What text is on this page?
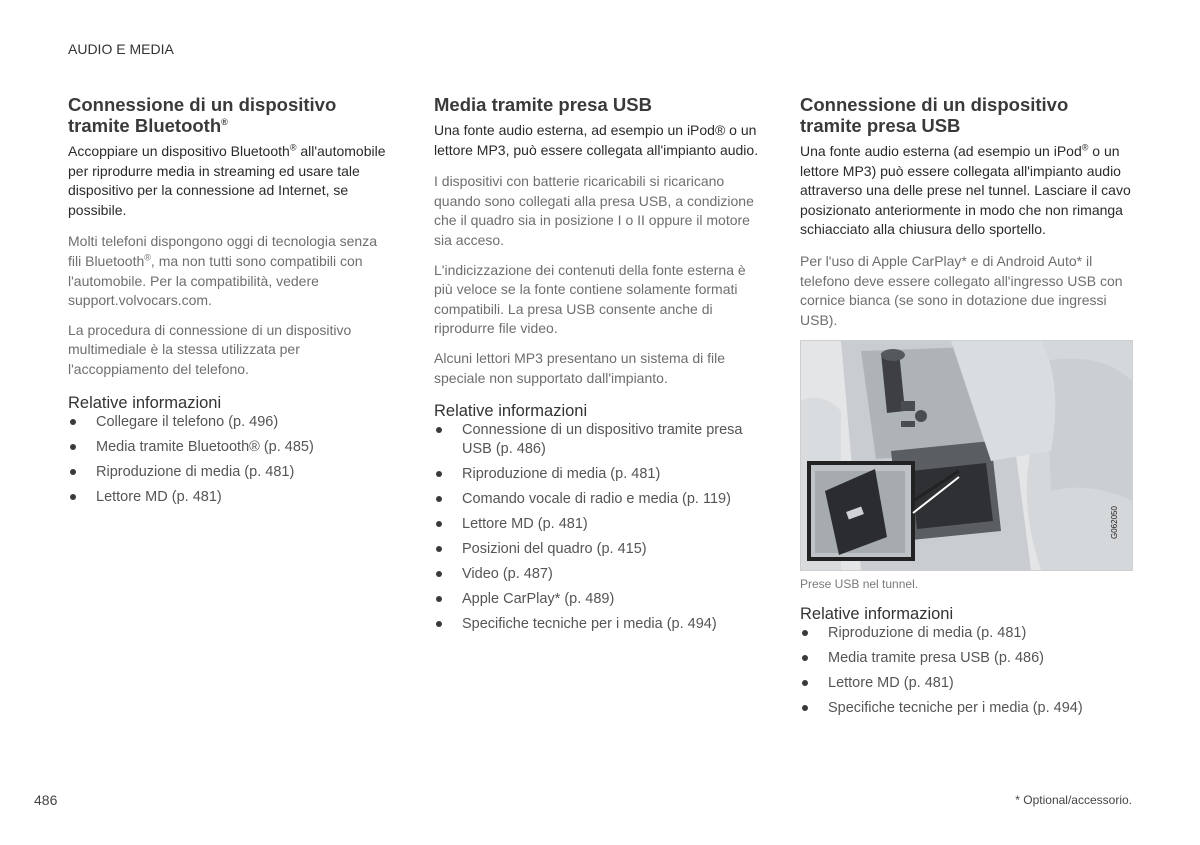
AUDIO E MEDIA
Connessione di un dispositivo tramite Bluetooth®

Accoppiare un dispositivo Bluetooth® all'automobile per riprodurre media in streaming ed usare tale dispositivo per la connessione ad Internet, se possibile.

Molti telefoni dispongono oggi di tecnologia senza fili Bluetooth®, ma non tutti sono compatibili con l'automobile. Per la compatibilità, vedere support.volvocars.com.

La procedura di connessione di un dispositivo multimediale è la stessa utilizzata per l'accoppiamento del telefono.

Relative informazioni
Collegare il telefono (p. 496)
Media tramite Bluetooth® (p. 485)
Riproduzione di media (p. 481)
Lettore MD (p. 481)
Media tramite presa USB

Una fonte audio esterna, ad esempio un iPod® o un lettore MP3, può essere collegata all'impianto audio.

I dispositivi con batterie ricaricabili si ricaricano quando sono collegati alla presa USB, a condizione che il quadro sia in posizione I o II oppure il motore sia acceso.

L'indicizzazione dei contenuti della fonte esterna è più veloce se la fonte contiene solamente formati compatibili. La presa USB consente anche di riprodurre file video.

Alcuni lettori MP3 presentano un sistema di file speciale non supportato dall'impianto.

Relative informazioni
Connessione di un dispositivo tramite presa USB (p. 486)
Riproduzione di media (p. 481)
Comando vocale di radio e media (p. 119)
Lettore MD (p. 481)
Posizioni del quadro (p. 415)
Video (p. 487)
Apple CarPlay* (p. 489)
Specifiche tecniche per i media (p. 494)
Connessione di un dispositivo tramite presa USB

Una fonte audio esterna (ad esempio un iPod® o un lettore MP3) può essere collegata all'impianto audio attraverso una delle prese nel tunnel. Lasciare il cavo posizionato anteriormente in modo che non rimanga schiacciato alla chiusura dello sportello.

Per l'uso di Apple CarPlay* e di Android Auto* il telefono deve essere collegato all'ingresso USB con cornice bianca (se sono in dotazione due ingressi USB).

G062050
Prese USB nel tunnel.
Relative informazioni
Riproduzione di media (p. 481)
Media tramite presa USB (p. 486)
Lettore MD (p. 481)
Specifiche tecniche per i media (p. 494)
486	* Optional/accessorio.
